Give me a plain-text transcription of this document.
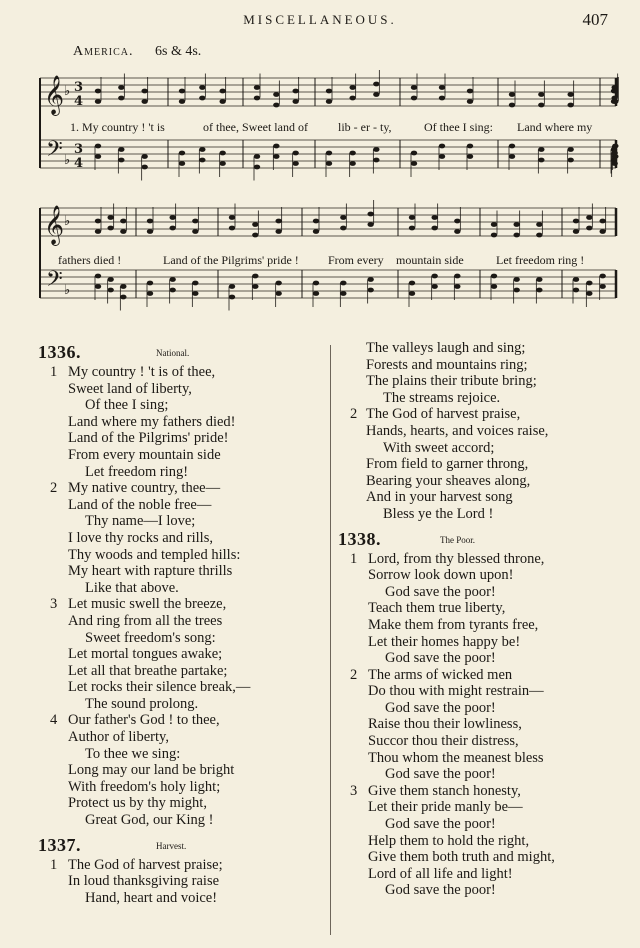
MISCELLANEOUS.	407
America. 6s & 4s.
𝄞
𝄢
♭
♭
3
4
3
4
1. My country ! 't is	of thee, Sweet land of	lib - er - ty,	Of thee I sing: Land where my
𝄞
𝄢
♭
♭
fathers died !	Land of the Pilgrims' pride ! From every mountain side	Let freedom ring !
1336.	National.
1 My country ! 't is of thee,
Sweet land of liberty,
Of thee I sing;
Land where my fathers died!
Land of the Pilgrims' pride!
From every mountain side
Let freedom ring!
2 My native country, thee—
Land of the noble free—
Thy name—I love;
I love thy rocks and rills,
Thy woods and templed hills:
My heart with rapture thrills
Like that above.
3 Let music swell the breeze,
And ring from all the trees
Sweet freedom's song:
Let mortal tongues awake;
Let all that breathe partake;
Let rocks their silence break,—
The sound prolong.
4 Our father's God ! to thee,
Author of liberty,
To thee we sing:
Long may our land be bright
With freedom's holy light;
Protect us by thy might,
Great God, our King !
1337.	Harvest.
1 The God of harvest praise;
In loud thanksgiving raise
Hand, heart and voice!
The valleys laugh and sing;
Forests and mountains ring;
The plains their tribute bring;
The streams rejoice.
2 The God of harvest praise,
Hands, hearts, and voices raise,
With sweet accord;
From field to garner throng,
Bearing your sheaves along,
And in your harvest song
Bless ye the Lord !
1338.	The Poor.
1 Lord, from thy blessed throne,
Sorrow look down upon!
God save the poor!
Teach them true liberty,
Make them from tyrants free,
Let their homes happy be!
God save the poor!
2 The arms of wicked men
Do thou with might restrain—
God save the poor!
Raise thou their lowliness,
Succor thou their distress,
Thou whom the meanest bless
God save the poor!
3 Give them stanch honesty,
Let their pride manly be—
God save the poor!
Help them to hold the right,
Give them both truth and might,
Lord of all life and light!
God save the poor!
